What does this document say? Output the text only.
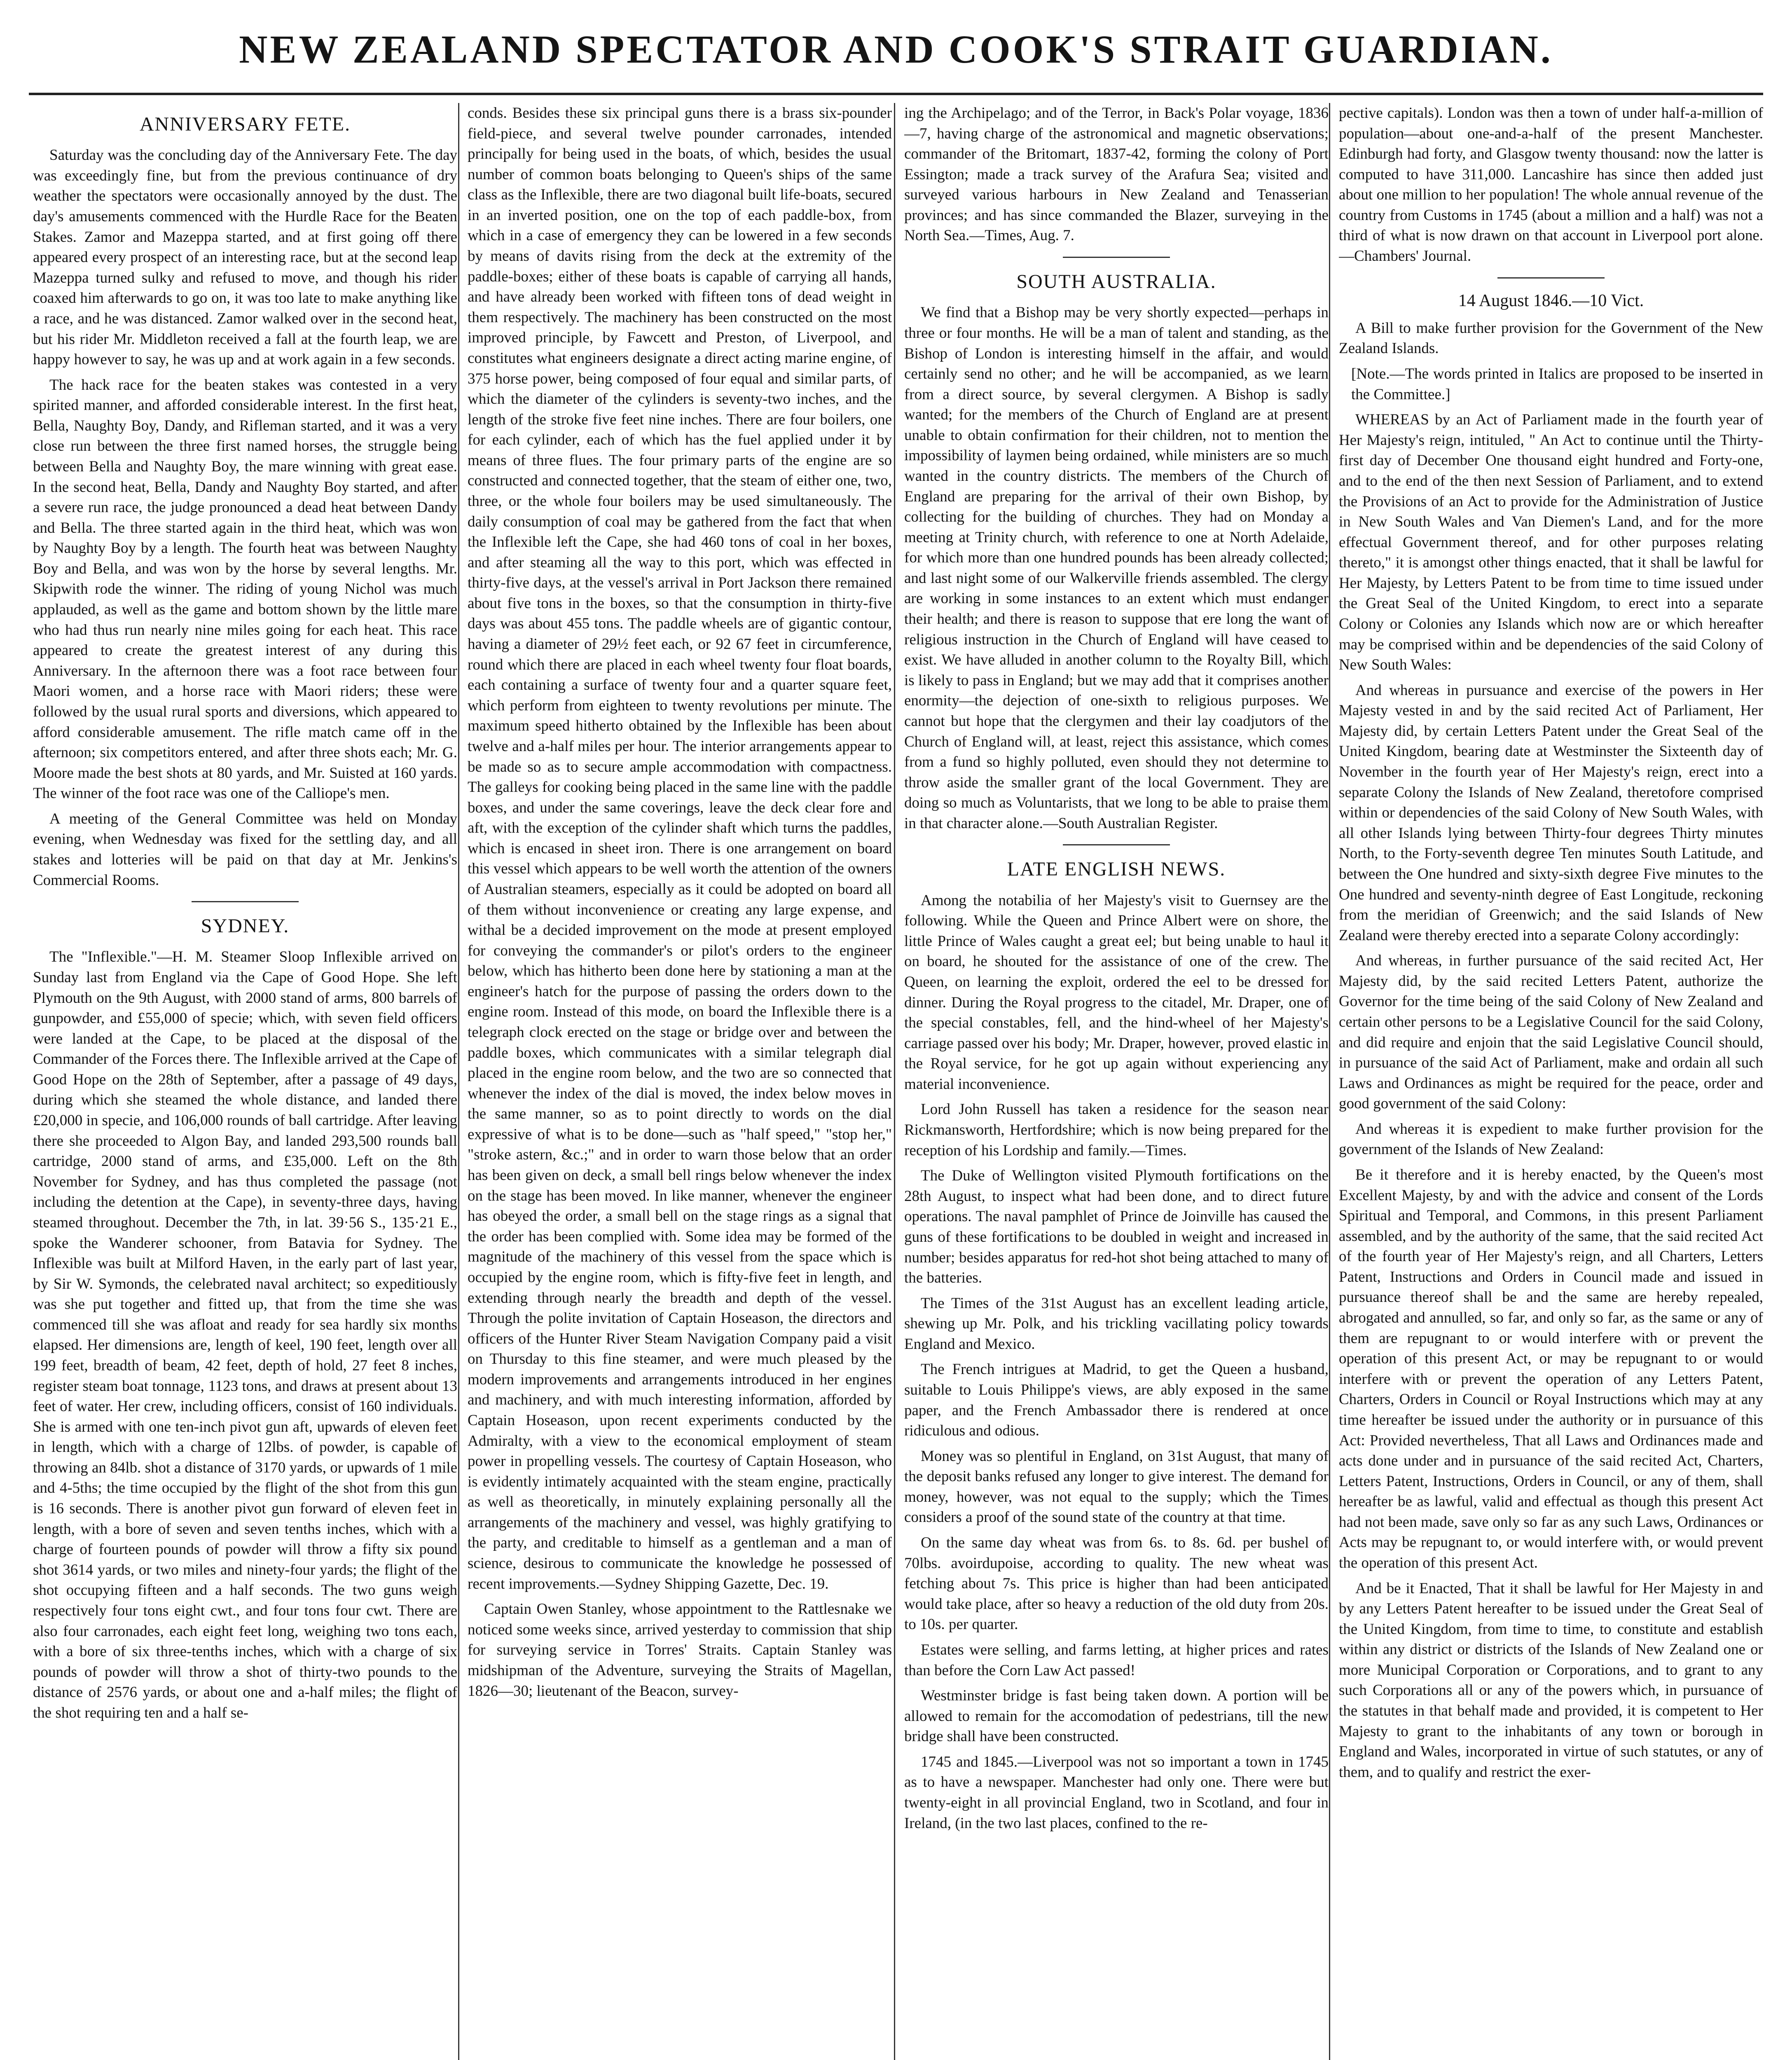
NEW ZEALAND SPECTATOR AND COOK'S STRAIT GUARDIAN.
ANNIVERSARY FETE.

Saturday was the concluding day of the Anniversary Fete. The day was exceedingly fine, but from the previous continuance of dry weather the spectators were occasionally annoyed by the dust. The day's amusements commenced with the Hurdle Race for the Beaten Stakes. Zamor and Mazeppa started, and at first going off there appeared every prospect of an interesting race, but at the second leap Mazeppa turned sulky and refused to move, and though his rider coaxed him afterwards to go on, it was too late to make anything like a race, and he was distanced. Zamor walked over in the second heat, but his rider Mr. Middleton received a fall at the fourth leap, we are happy however to say, he was up and at work again in a few seconds.

The hack race for the beaten stakes was contested in a very spirited manner, and afforded considerable interest. In the first heat, Bella, Naughty Boy, Dandy, and Rifleman started, and it was a very close run between the three first named horses, the struggle being between Bella and Naughty Boy, the mare winning with great ease. In the second heat, Bella, Dandy and Naughty Boy started, and after a severe run race, the judge pronounced a dead heat between Dandy and Bella. The three started again in the third heat, which was won by Naughty Boy by a length. The fourth heat was between Naughty Boy and Bella, and was won by the horse by several lengths. Mr. Skipwith rode the winner. The riding of young Nichol was much applauded, as well as the game and bottom shown by the little mare who had thus run nearly nine miles going for each heat. This race appeared to create the greatest interest of any during this Anniversary. In the afternoon there was a foot race between four Maori women, and a horse race with Maori riders; these were followed by the usual rural sports and diversions, which appeared to afford considerable amusement. The rifle match came off in the afternoon; six competitors entered, and after three shots each; Mr. G. Moore made the best shots at 80 yards, and Mr. Suisted at 160 yards. The winner of the foot race was one of the Calliope's men.

A meeting of the General Committee was held on Monday evening, when Wednesday was fixed for the settling day, and all stakes and lotteries will be paid on that day at Mr. Jenkins's Commercial Rooms.

SYDNEY.

The "Inflexible."—H. M. Steamer Sloop Inflexible arrived on Sunday last from England via the Cape of Good Hope. She left Plymouth on the 9th August, with 2000 stand of arms, 800 barrels of gunpowder, and £55,000 of specie; which, with seven field officers were landed at the Cape, to be placed at the disposal of the Commander of the Forces there. The Inflexible arrived at the Cape of Good Hope on the 28th of September, after a passage of 49 days, during which she steamed the whole distance, and landed there £20,000 in specie, and 106,000 rounds of ball cartridge. After leaving there she proceeded to Algon Bay, and landed 293,500 rounds ball cartridge, 2000 stand of arms, and £35,000. Left on the 8th November for Sydney, and has thus completed the passage (not including the detention at the Cape), in seventy-three days, having steamed throughout. December the 7th, in lat. 39·56 S., 135·21 E., spoke the Wanderer schooner, from Batavia for Sydney. The Inflexible was built at Milford Haven, in the early part of last year, by Sir W. Symonds, the celebrated naval architect; so expeditiously was she put together and fitted up, that from the time she was commenced till she was afloat and ready for sea hardly six months elapsed. Her dimensions are, length of keel, 190 feet, length over all 199 feet, breadth of beam, 42 feet, depth of hold, 27 feet 8 inches, register steam boat tonnage, 1123 tons, and draws at present about 13 feet of water. Her crew, including officers, consist of 160 individuals. She is armed with one ten-inch pivot gun aft, upwards of eleven feet in length, which with a charge of 12lbs. of powder, is capable of throwing an 84lb. shot a distance of 3170 yards, or upwards of 1 mile and 4-5ths; the time occupied by the flight of the shot from this gun is 16 seconds. There is another pivot gun forward of eleven feet in length, with a bore of seven and seven tenths inches, which with a charge of fourteen pounds of powder will throw a fifty six pound shot 3614 yards, or two miles and ninety-four yards; the flight of the shot occupying fifteen and a half seconds. The two guns weigh respectively four tons eight cwt., and four tons four cwt. There are also four carronades, each eight feet long, weighing two tons each, with a bore of six three-tenths inches, which with a charge of six pounds of powder will throw a shot of thirty-two pounds to the distance of 2576 yards, or about one and a-half miles; the flight of the shot requiring ten and a half se-

conds. Besides these six principal guns there is a brass six-pounder field-piece, and several twelve pounder carronades, intended principally for being used in the boats, of which, besides the usual number of common boats belonging to Queen's ships of the same class as the Inflexible, there are two diagonal built life-boats, secured in an inverted position, one on the top of each paddle-box, from which in a case of emergency they can be lowered in a few seconds by means of davits rising from the deck at the extremity of the paddle-boxes; either of these boats is capable of carrying all hands, and have already been worked with fifteen tons of dead weight in them respectively. The machinery has been constructed on the most improved principle, by Fawcett and Preston, of Liverpool, and constitutes what engineers designate a direct acting marine engine, of 375 horse power, being composed of four equal and similar parts, of which the diameter of the cylinders is seventy-two inches, and the length of the stroke five feet nine inches. There are four boilers, one for each cylinder, each of which has the fuel applied under it by means of three flues. The four primary parts of the engine are so constructed and connected together, that the steam of either one, two, three, or the whole four boilers may be used simultaneously. The daily consumption of coal may be gathered from the fact that when the Inflexible left the Cape, she had 460 tons of coal in her boxes, and after steaming all the way to this port, which was effected in thirty-five days, at the vessel's arrival in Port Jackson there remained about five tons in the boxes, so that the consumption in thirty-five days was about 455 tons. The paddle wheels are of gigantic contour, having a diameter of 29½ feet each, or 92 67 feet in circumference, round which there are placed in each wheel twenty four float boards, each containing a surface of twenty four and a quarter square feet, which perform from eighteen to twenty revolutions per minute. The maximum speed hitherto obtained by the Inflexible has been about twelve and a-half miles per hour. The interior arrangements appear to be made so as to secure ample accommodation with compactness. The galleys for cooking being placed in the same line with the paddle boxes, and under the same coverings, leave the deck clear fore and aft, with the exception of the cylinder shaft which turns the paddles, which is encased in sheet iron. There is one arrangement on board this vessel which appears to be well worth the attention of the owners of Australian steamers, especially as it could be adopted on board all of them without inconvenience or creating any large expense, and withal be a decided improvement on the mode at present employed for conveying the commander's or pilot's orders to the engineer below, which has hitherto been done here by stationing a man at the engineer's hatch for the purpose of passing the orders down to the engine room. Instead of this mode, on board the Inflexible there is a telegraph clock erected on the stage or bridge over and between the paddle boxes, which communicates with a similar telegraph dial placed in the engine room below, and the two are so connected that whenever the index of the dial is moved, the index below moves in the same manner, so as to point directly to words on the dial expressive of what is to be done—such as "half speed," "stop her," "stroke astern, &c.;" and in order to warn those below that an order has been given on deck, a small bell rings below whenever the index on the stage has been moved. In like manner, whenever the engineer has obeyed the order, a small bell on the stage rings as a signal that the order has been complied with. Some idea may be formed of the magnitude of the machinery of this vessel from the space which is occupied by the engine room, which is fifty-five feet in length, and extending through nearly the breadth and depth of the vessel. Through the polite invitation of Captain Hoseason, the directors and officers of the Hunter River Steam Navigation Company paid a visit on Thursday to this fine steamer, and were much pleased by the modern improvements and arrangements introduced in her engines and machinery, and with much interesting information, afforded by Captain Hoseason, upon recent experiments conducted by the Admiralty, with a view to the economical employment of steam power in propelling vessels. The courtesy of Captain Hoseason, who is evidently intimately acquainted with the steam engine, practically as well as theoretically, in minutely explaining personally all the arrangements of the machinery and vessel, was highly gratifying to the party, and creditable to himself as a gentleman and a man of science, desirous to communicate the knowledge he possessed of recent improvements.—Sydney Shipping Gazette, Dec. 19.

Captain Owen Stanley, whose appointment to the Rattlesnake we noticed some weeks since, arrived yesterday to commission that ship for surveying service in Torres' Straits. Captain Stanley was midshipman of the Adventure, surveying the Straits of Magellan, 1826—30; lieutenant of the Beacon, survey-

ing the Archipelago; and of the Terror, in Back's Polar voyage, 1836—7, having charge of the astronomical and magnetic observations; commander of the Britomart, 1837-42, forming the colony of Port Essington; made a track survey of the Arafura Sea; visited and surveyed various harbours in New Zealand and Tenasserian provinces; and has since commanded the Blazer, surveying in the North Sea.—Times, Aug. 7.

SOUTH AUSTRALIA.

We find that a Bishop may be very shortly expected—perhaps in three or four months. He will be a man of talent and standing, as the Bishop of London is interesting himself in the affair, and would certainly send no other; and he will be accompanied, as we learn from a direct source, by several clergymen. A Bishop is sadly wanted; for the members of the Church of England are at present unable to obtain confirmation for their children, not to mention the impossibility of laymen being ordained, while ministers are so much wanted in the country districts. The members of the Church of England are preparing for the arrival of their own Bishop, by collecting for the building of churches. They had on Monday a meeting at Trinity church, with reference to one at North Adelaide, for which more than one hundred pounds has been already collected; and last night some of our Walkerville friends assembled. The clergy are working in some instances to an extent which must endanger their health; and there is reason to suppose that ere long the want of religious instruction in the Church of England will have ceased to exist. We have alluded in another column to the Royalty Bill, which is likely to pass in England; but we may add that it comprises another enormity—the dejection of one-sixth to religious purposes. We cannot but hope that the clergymen and their lay coadjutors of the Church of England will, at least, reject this assistance, which comes from a fund so highly polluted, even should they not determine to throw aside the smaller grant of the local Government. They are doing so much as Voluntarists, that we long to be able to praise them in that character alone.—South Australian Register.

LATE ENGLISH NEWS.

Among the notabilia of her Majesty's visit to Guernsey are the following. While the Queen and Prince Albert were on shore, the little Prince of Wales caught a great eel; but being unable to haul it on board, he shouted for the assistance of one of the crew. The Queen, on learning the exploit, ordered the eel to be dressed for dinner. During the Royal progress to the citadel, Mr. Draper, one of the special constables, fell, and the hind-wheel of her Majesty's carriage passed over his body; Mr. Draper, however, proved elastic in the Royal service, for he got up again without experiencing any material inconvenience.

Lord John Russell has taken a residence for the season near Rickmansworth, Hertfordshire; which is now being prepared for the reception of his Lordship and family.—Times.

The Duke of Wellington visited Plymouth fortifications on the 28th August, to inspect what had been done, and to direct future operations. The naval pamphlet of Prince de Joinville has caused the guns of these fortifications to be doubled in weight and increased in number; besides apparatus for red-hot shot being attached to many of the batteries.

The Times of the 31st August has an excellent leading article, shewing up Mr. Polk, and his trickling vacillating policy towards England and Mexico.

The French intrigues at Madrid, to get the Queen a husband, suitable to Louis Philippe's views, are ably exposed in the same paper, and the French Ambassador there is rendered at once ridiculous and odious.

Money was so plentiful in England, on 31st August, that many of the deposit banks refused any longer to give interest. The demand for money, however, was not equal to the supply; which the Times considers a proof of the sound state of the country at that time.

On the same day wheat was from 6s. to 8s. 6d. per bushel of 70lbs. avoirdupoise, according to quality. The new wheat was fetching about 7s. This price is higher than had been anticipated would take place, after so heavy a reduction of the old duty from 20s. to 10s. per quarter.

Estates were selling, and farms letting, at higher prices and rates than before the Corn Law Act passed!

Westminster bridge is fast being taken down. A portion will be allowed to remain for the accomodation of pedestrians, till the new bridge shall have been constructed.

1745 and 1845.—Liverpool was not so important a town in 1745 as to have a newspaper. Manchester had only one. There were but twenty-eight in all provincial England, two in Scotland, and four in Ireland, (in the two last places, confined to the re-

pective capitals). London was then a town of under half-a-million of population—about one-and-a-half of the present Manchester. Edinburgh had forty, and Glasgow twenty thousand: now the latter is computed to have 311,000. Lancashire has since then added just about one million to her population! The whole annual revenue of the country from Customs in 1745 (about a million and a half) was not a third of what is now drawn on that account in Liverpool port alone.—Chambers' Journal.

14 August 1846.—10 Vict.

A Bill to make further provision for the Government of the New Zealand Islands.

[Note.—The words printed in Italics are proposed to be inserted in the Committee.]

WHEREAS by an Act of Parliament made in the fourth year of Her Majesty's reign, intituled, " An Act to continue until the Thirty-first day of December One thousand eight hundred and Forty-one, and to the end of the then next Session of Parliament, and to extend the Provisions of an Act to provide for the Administration of Justice in New South Wales and Van Diemen's Land, and for the more effectual Government thereof, and for other purposes relating thereto," it is amongst other things enacted, that it shall be lawful for Her Majesty, by Letters Patent to be from time to time issued under the Great Seal of the United Kingdom, to erect into a separate Colony or Colonies any Islands which now are or which hereafter may be comprised within and be dependencies of the said Colony of New South Wales:

And whereas in pursuance and exercise of the powers in Her Majesty vested in and by the said recited Act of Parliament, Her Majesty did, by certain Letters Patent under the Great Seal of the United Kingdom, bearing date at Westminster the Sixteenth day of November in the fourth year of Her Majesty's reign, erect into a separate Colony the Islands of New Zealand, theretofore comprised within or dependencies of the said Colony of New South Wales, with all other Islands lying between Thirty-four degrees Thirty minutes North, to the Forty-seventh degree Ten minutes South Latitude, and between the One hundred and sixty-sixth degree Five minutes to the One hundred and seventy-ninth degree of East Longitude, reckoning from the meridian of Greenwich; and the said Islands of New Zealand were thereby erected into a separate Colony accordingly:

And whereas, in further pursuance of the said recited Act, Her Majesty did, by the said recited Letters Patent, authorize the Governor for the time being of the said Colony of New Zealand and certain other persons to be a Legislative Council for the said Colony, and did require and enjoin that the said Legislative Council should, in pursuance of the said Act of Parliament, make and ordain all such Laws and Ordinances as might be required for the peace, order and good government of the said Colony:

And whereas it is expedient to make further provision for the government of the Islands of New Zealand:

Be it therefore and it is hereby enacted, by the Queen's most Excellent Majesty, by and with the advice and consent of the Lords Spiritual and Temporal, and Commons, in this present Parliament assembled, and by the authority of the same, that the said recited Act of the fourth year of Her Majesty's reign, and all Charters, Letters Patent, Instructions and Orders in Council made and issued in pursuance thereof shall be and the same are hereby repealed, abrogated and annulled, so far, and only so far, as the same or any of them are repugnant to or would interfere with or prevent the operation of this present Act, or may be repugnant to or would interfere with or prevent the operation of any Letters Patent, Charters, Orders in Council or Royal Instructions which may at any time hereafter be issued under the authority or in pursuance of this Act: Provided nevertheless, That all Laws and Ordinances made and acts done under and in pursuance of the said recited Act, Charters, Letters Patent, Instructions, Orders in Council, or any of them, shall hereafter be as lawful, valid and effectual as though this present Act had not been made, save only so far as any such Laws, Ordinances or Acts may be repugnant to, or would interfere with, or would prevent the operation of this present Act.

And be it Enacted, That it shall be lawful for Her Majesty in and by any Letters Patent hereafter to be issued under the Great Seal of the United Kingdom, from time to time, to constitute and establish within any district or districts of the Islands of New Zealand one or more Municipal Corporation or Corporations, and to grant to any such Corporations all or any of the powers which, in pursuance of the statutes in that behalf made and provided, it is competent to Her Majesty to grant to the inhabitants of any town or borough in England and Wales, incorporated in virtue of such statutes, or any of them, and to qualify and restrict the exer-
